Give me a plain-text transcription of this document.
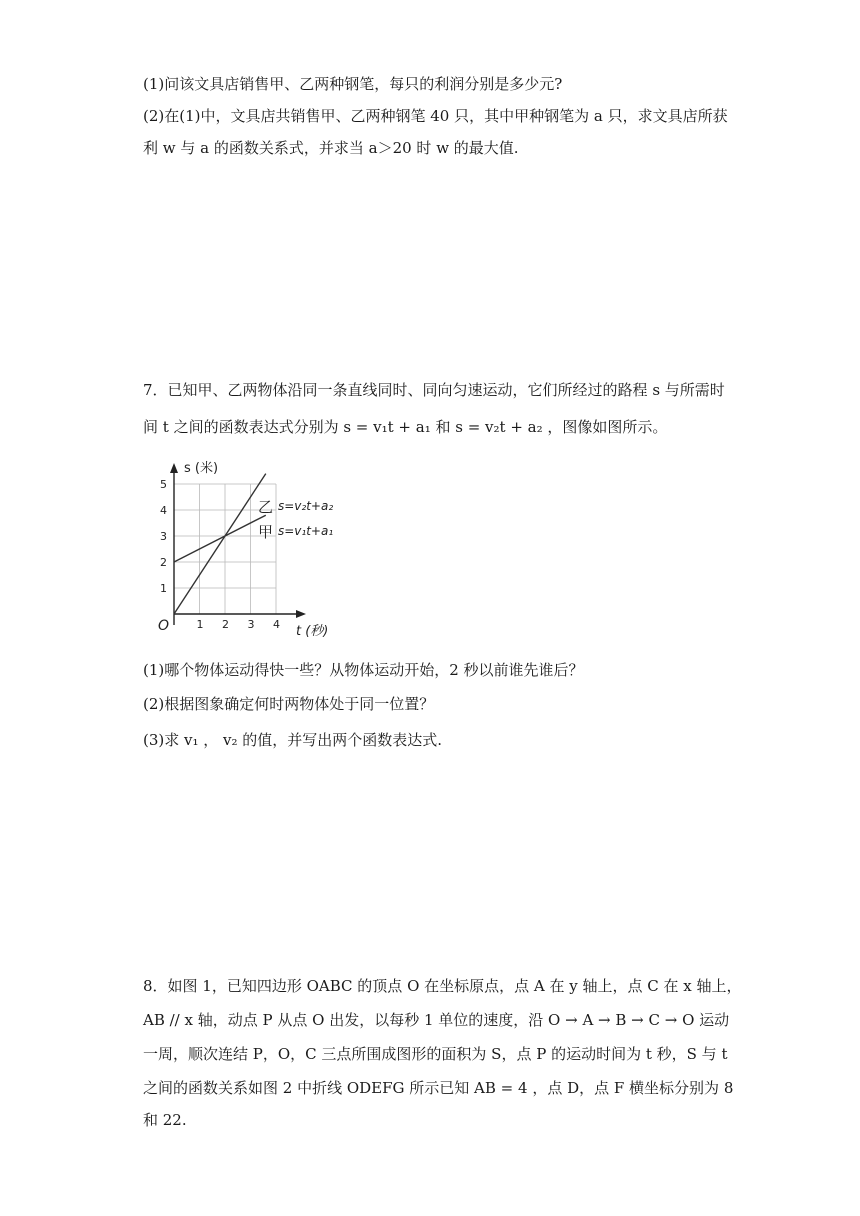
(1)问该文具店销售甲、乙两种钢笔，每只的利润分别是多少元?
(2)在(1)中，文具店共销售甲、乙两种钢笔 40 只，其中甲种钢笔为 a 只，求文具店所获
利 w 与 a 的函数关系式，并求当 a＞20 时 w 的最大值.
7．已知甲、乙两物体沿同一条直线同时、同向匀速运动，它们所经过的路程 s 与所需时
间 t 之间的函数表达式分别为 s = v₁t + a₁ 和 s = v₂t + a₂ ，图像如图所示。
s (米)
t (秒)
O
1
2
3
4
5
1 2 3 4
乙 s=v₂t+a₂
甲 s=v₁t+a₁
(1)哪个物体运动得快一些？从物体运动开始，2 秒以前谁先谁后？
(2)根据图象确定何时两物体处于同一位置？
(3)求 v₁ ， v₂ 的值，并写出两个函数表达式.
8．如图 1，已知四边形 OABC 的顶点 O 在坐标原点，点 A 在 y 轴上，点 C 在 x 轴上，
AB // x 轴，动点 P 从点 O 出发，以每秒 1 单位的速度，沿 O → A → B → C → O 运动
一周，顺次连结 P，O，C 三点所围成图形的面积为 S，点 P 的运动时间为 t 秒，S 与 t
之间的函数关系如图 2 中折线 ODEFG 所示已知 AB = 4 ，点 D，点 F 横坐标分别为 8
和 22.
